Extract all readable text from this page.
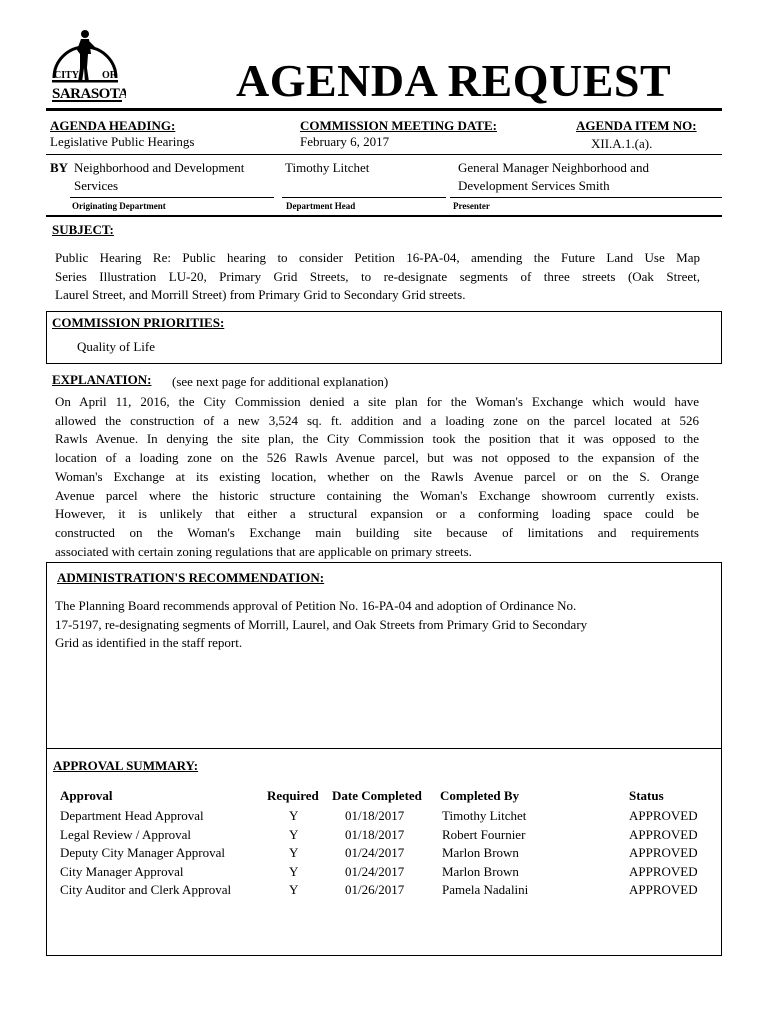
CITY OF
SARASOTA AGENDA REQUEST
AGENDA HEADING:
Legislative Public Hearings
COMMISSION MEETING DATE:
February 6, 2017
AGENDA ITEM NO:
XII.A.1.(a).
BY Neighborhood and Development
Services
Originating Department
Timothy Litchet
Department Head
General Manager Neighborhood and
Development Services Smith
Presenter
SUBJECT:
Public Hearing Re: Public hearing to consider Petition 16-PA-04, amending the Future Land Use Map
Series Illustration LU-20, Primary Grid Streets, to re-designate segments of three streets (Oak Street,
Laurel Street, and Morrill Street) from Primary Grid to Secondary Grid streets.
COMMISSION PRIORITIES:
Quality of Life
EXPLANATION: (see next page for additional explanation)
On April 11, 2016, the City Commission denied a site plan for the Woman's Exchange which would have
allowed the construction of a new 3,524 sq. ft. addition and a loading zone on the parcel located at 526
Rawls Avenue. In denying the site plan, the City Commission took the position that it was opposed to the
location of a loading zone on the 526 Rawls Avenue parcel, but was not opposed to the expansion of the
Woman's Exchange at its existing location, whether on the Rawls Avenue parcel or on the S. Orange
Avenue parcel where the historic structure containing the Woman's Exchange showroom currently exists.
However, it is unlikely that either a structural expansion or a conforming loading space could be
constructed on the Woman's Exchange main building site because of limitations and requirements
associated with certain zoning regulations that are applicable on primary streets.
ADMINISTRATION'S RECOMMENDATION:
The Planning Board recommends approval of Petition No. 16-PA-04 and adoption of Ordinance No.
17-5197, re-designating segments of Morrill, Laurel, and Oak Streets from Primary Grid to Secondary
Grid as identified in the staff report.
APPROVAL SUMMARY:
Approval	Required Date Completed Completed By	Status
Department Head Approval	Y	01/18/2017	Timothy Litchet	APPROVED
Legal Review / Approval	Y	01/18/2017	Robert Fournier	APPROVED
Deputy City Manager Approval	Y	01/24/2017	Marlon Brown	APPROVED
City Manager Approval	Y	01/24/2017	Marlon Brown	APPROVED
City Auditor and Clerk Approval	Y	01/26/2017	Pamela Nadalini	APPROVED
